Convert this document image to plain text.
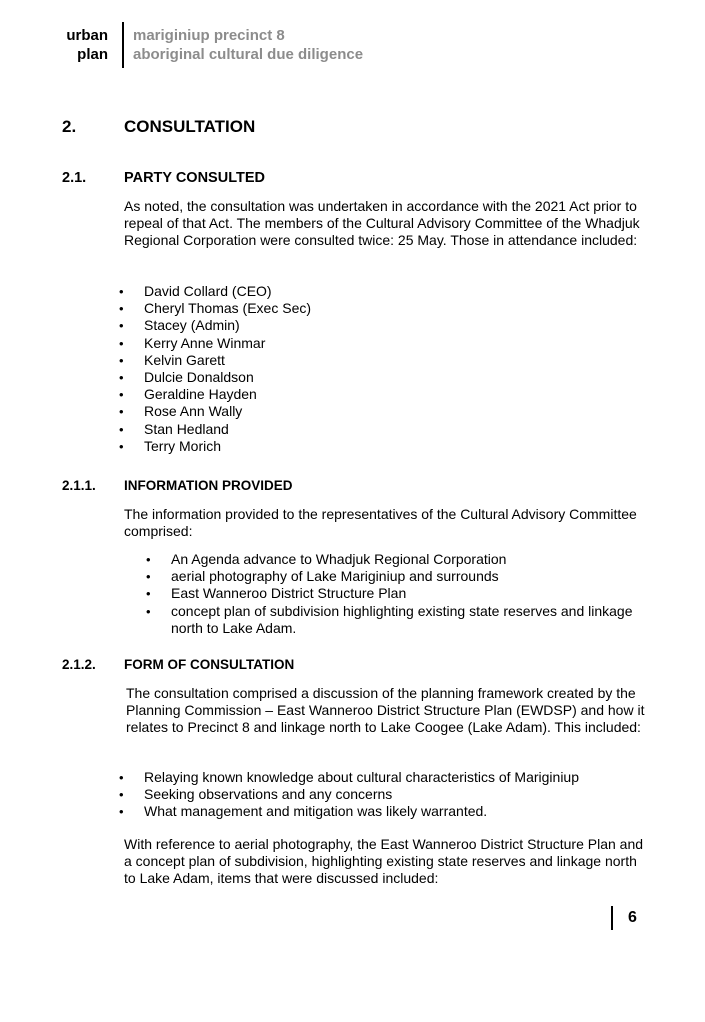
urban
plan
mariginiup precinct 8
aboriginal cultural due diligence
2.	CONSULTATION
2.1.	PARTY CONSULTED
As noted, the consultation was undertaken in accordance with the 2021 Act prior to repeal of that Act. The members of the Cultural Advisory Committee of the Whadjuk Regional Corporation were consulted twice: 25 May. Those in attendance included:
• David Collard (CEO)
• Cheryl Thomas (Exec Sec)
• Stacey (Admin)
• Kerry Anne Winmar
• Kelvin Garett
• Dulcie Donaldson
• Geraldine Hayden
• Rose Ann Wally
• Stan Hedland
• Terry Morich
2.1.1. INFORMATION PROVIDED
The information provided to the representatives of the Cultural Advisory Committee comprised:
• An Agenda advance to Whadjuk Regional Corporation
• aerial photography of Lake Mariginiup and surrounds
• East Wanneroo District Structure Plan
• concept plan of subdivision highlighting existing state reserves and linkage north to Lake Adam.
2.1.2. FORM OF CONSULTATION
The consultation comprised a discussion of the planning framework created by the Planning Commission – East Wanneroo District Structure Plan (EWDSP) and how it relates to Precinct 8 and linkage north to Lake Coogee (Lake Adam). This included:
• Relaying known knowledge about cultural characteristics of Mariginiup
• Seeking observations and any concerns
• What management and mitigation was likely warranted.
With reference to aerial photography, the East Wanneroo District Structure Plan and a concept plan of subdivision, highlighting existing state reserves and linkage north to Lake Adam, items that were discussed included:
6
